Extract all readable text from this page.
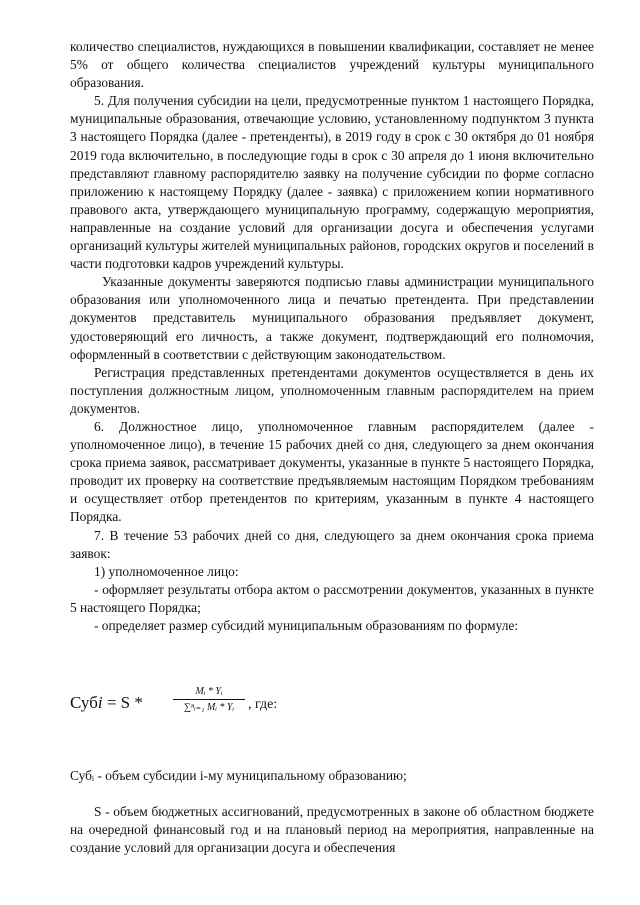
количество специалистов, нуждающихся в повышении квалификации, составляет не менее 5% от общего количества специалистов учреждений культуры муниципального образования.

5. Для получения субсидии на цели, предусмотренные пунктом 1 настоящего Порядка, муниципальные образования, отвечающие условию, установленному подпунктом 3 пункта 3 настоящего Порядка (далее - претенденты), в 2019 году в срок с 30 октября до 01 ноября 2019 года включительно, в последующие годы в срок с 30 апреля до 1 июня включительно представляют главному распорядителю заявку на получение субсидии по форме согласно приложению к настоящему Порядку (далее - заявка) с приложением копии нормативного правового акта, утверждающего муниципальную программу, содержащую мероприятия, направленные на создание условий для организации досуга и обеспечения услугами организаций культуры жителей муниципальных районов, городских округов и поселений в части подготовки кадров учреждений культуры.

Указанные документы заверяются подписью главы администрации муниципального образования или уполномоченного лица и печатью претендента. При представлении документов представитель муниципального образования предъявляет документ, удостоверяющий его личность, а также документ, подтверждающий его полномочия, оформленный в соответствии с действующим законодательством.

Регистрация представленных претендентами документов осуществляется в день их поступления должностным лицом, уполномоченным главным распорядителем на прием документов.

6. Должностное лицо, уполномоченное главным распорядителем (далее - уполномоченное лицо), в течение 15 рабочих дней со дня, следующего за днем окончания срока приема заявок, рассматривает документы, указанные в пункте 5 настоящего Порядка, проводит их проверку на соответствие предъявляемым настоящим Порядком требованиям и осуществляет отбор претендентов по критериям, указанным в пункте 4 настоящего Порядка.

7. В течение 53 рабочих дней со дня, следующего за днем окончания срока приема заявок:

1) уполномоченное лицо:

- оформляет результаты отбора актом о рассмотрении документов, указанных в пункте 5 настоящего Порядка;

- определяет размер субсидий муниципальным образованиям по формуле:

Субi = S *	$\frac{\text{Mᵢ * Yᵢ}}{\text{∑ⁿᵢ₌₁ Mᵢ * Yᵢ}}$ , где:

Субᵢ - объем субсидии i-му муниципальному образованию;

S - объем бюджетных ассигнований, предусмотренных в законе об областном бюджете на очередной финансовый год и на плановый период на мероприятия, направленные на создание условий для организации досуга и обеспечения
